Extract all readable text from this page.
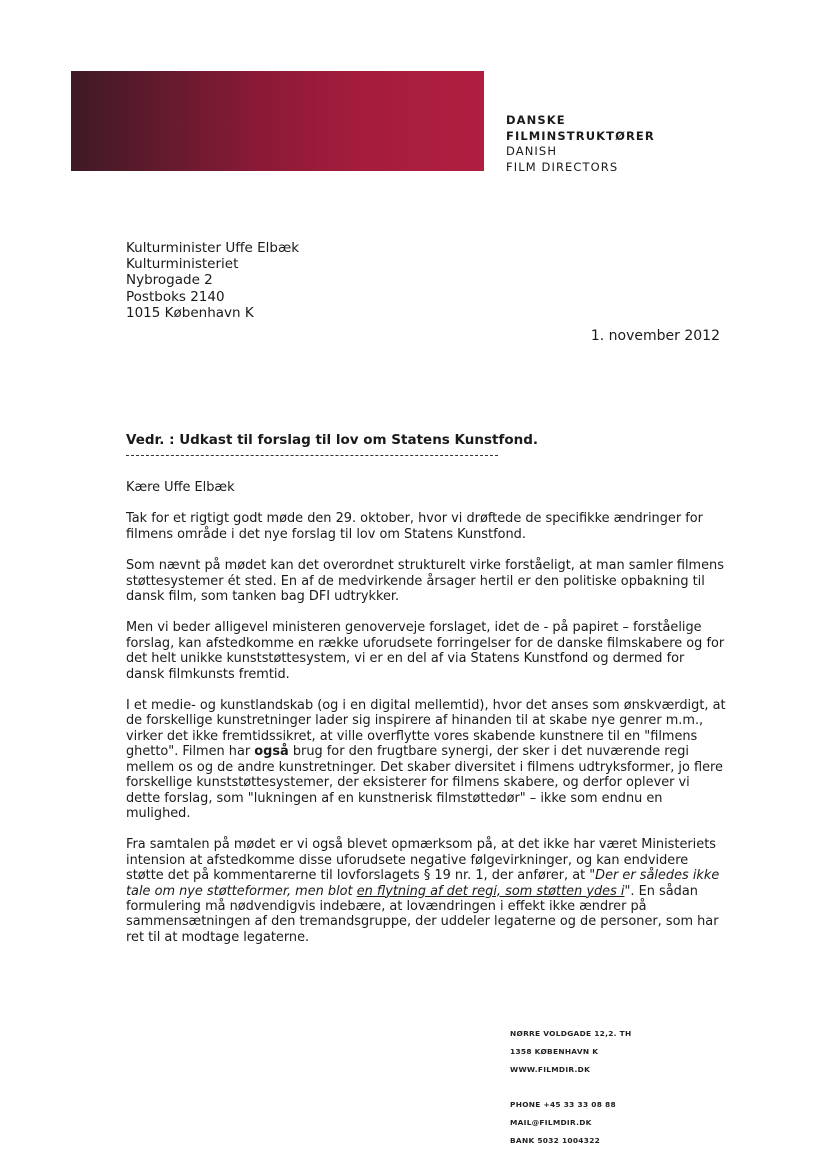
DANSKE
FILMINSTRUKTØRER
DANISH
FILM DIRECTORS
Kulturminister Uffe Elbæk
Kulturministeriet
Nybrogade 2
Postboks 2140
1015 København K
1. november 2012
Vedr. : Udkast til forslag til lov om Statens Kunstfond.

Kære Uffe Elbæk

Tak for et rigtigt godt møde den 29. oktober, hvor vi drøftede de specifikke ændringer for filmens område i det nye forslag til lov om Statens Kunstfond.

Som nævnt på mødet kan det overordnet strukturelt virke forståeligt, at man samler filmens støttesystemer ét sted. En af de medvirkende årsager hertil er den politiske opbakning til dansk film, som tanken bag DFI udtrykker.

Men vi beder alligevel ministeren genoverveje forslaget, idet de - på papiret – forståelige forslag, kan afstedkomme en række uforudsete forringelser for de danske filmskabere og for det helt unikke kunststøttesystem, vi er en del af via Statens Kunstfond og dermed for dansk filmkunsts fremtid.

I et medie- og kunstlandskab (og i en digital mellemtid), hvor det anses som ønskværdigt, at de forskellige kunstretninger lader sig inspirere af hinanden til at skabe nye genrer m.m., virker det ikke fremtidssikret, at ville overflytte vores skabende kunstnere til en "filmens ghetto". Filmen har også brug for den frugtbare synergi, der sker i det nuværende regi mellem os og de andre kunstretninger. Det skaber diversitet i filmens udtryksformer, jo flere forskellige kunststøttesystemer, der eksisterer for filmens skabere, og derfor oplever vi dette forslag, som "lukningen af en kunstnerisk filmstøttedør" – ikke som endnu en mulighed.

Fra samtalen på mødet er vi også blevet opmærksom på, at det ikke har været Ministeriets intension at afstedkomme disse uforudsete negative følgevirkninger, og kan endvidere støtte det på kommentarerne til lovforslagets § 19 nr. 1, der anfører, at "Der er således ikke tale om nye støtteformer, men blot en flytning af det regi, som støtten ydes i". En sådan formulering må nødvendigvis indebære, at lovændringen i effekt ikke ændrer på sammensætningen af den tremandsgruppe, der uddeler legaterne og de personer, som har ret til at modtage legaterne.

NØRRE VOLDGADE 12,2. TH
1358 KØBENHAVN K
WWW.FILMDIR.DK
PHONE +45 33 33 08 88
MAIL@FILMDIR.DK
BANK 5032 1004322
